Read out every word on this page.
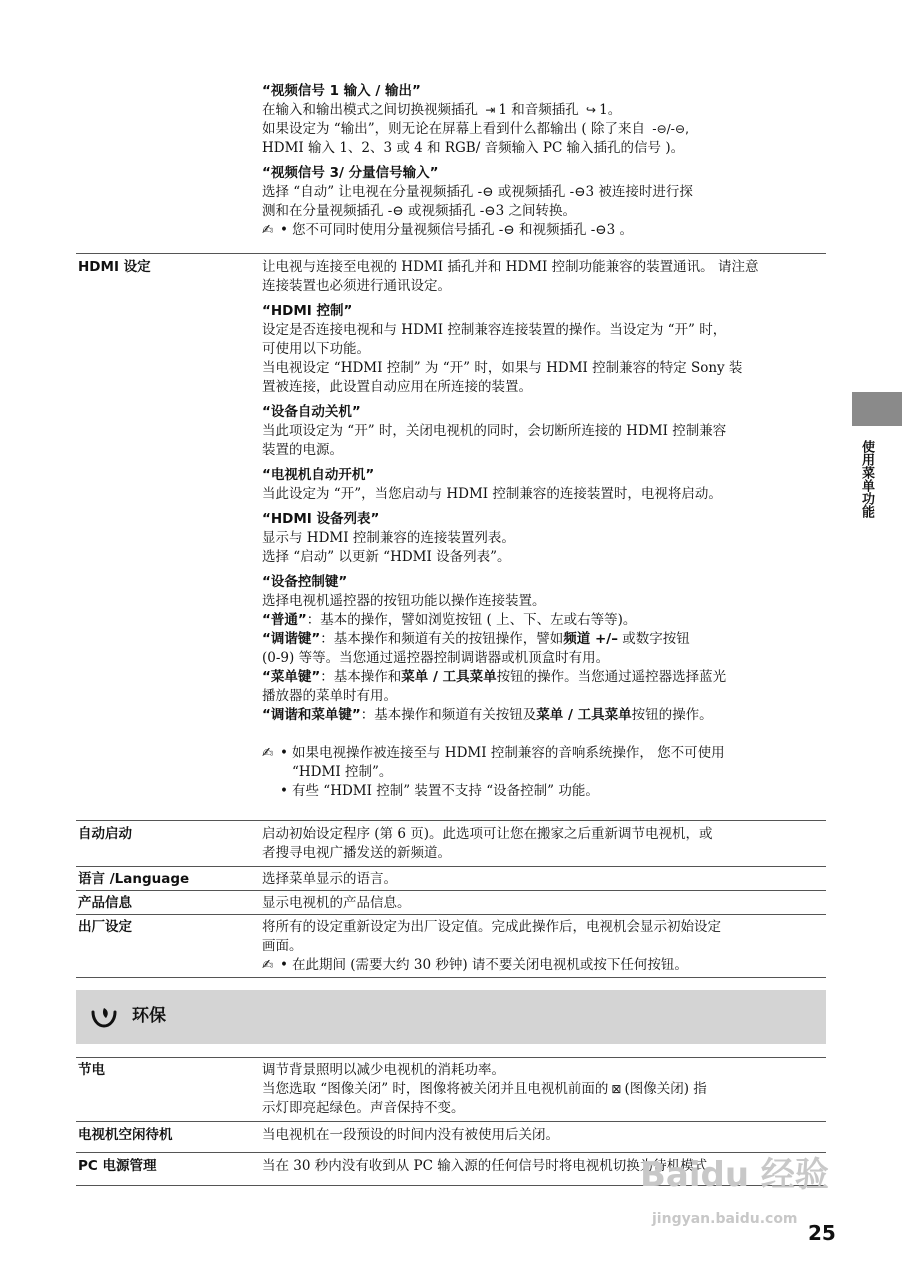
“视频信号 1 输入 / 输出”
在输入和输出模式之间切换视频插孔 ⇥ 1 和音频插孔 ↪ 1。
如果设定为 “输出”，则无论在屏幕上看到什么都输出 ( 除了来自 -⊖/-⊖,
HDMI 输入 1、2、3 或 4 和 RGB/ 音频输入 PC 输入插孔的信号 )。
“视频信号 3/ 分量信号输入”
选择 “自动” 让电视在分量视频插孔 -⊖ 或视频插孔 -⊖3 被连接时进行探
测和在分量视频插孔 -⊖ 或视频插孔 -⊖3 之间转换。
✍ • 您不可同时使用分量视频信号插孔 -⊖ 和视频插孔 -⊖3 。
HDMI 设定	让电视与连接至电视的 HDMI 插孔并和 HDMI 控制功能兼容的装置通讯。 请注意
连接装置也必须进行通讯设定。
“HDMI 控制”
设定是否连接电视和与 HDMI 控制兼容连接装置的操作。当设定为 “开” 时，
可使用以下功能。
当电视设定 “HDMI 控制” 为 “开” 时，如果与 HDMI 控制兼容的特定 Sony 装
置被连接，此设置自动应用在所连接的装置。
“设备自动关机”
当此项设定为 “开” 时，关闭电视机的同时，会切断所连接的 HDMI 控制兼容
装置的电源。
“电视机自动开机”
当此设定为 “开”，当您启动与 HDMI 控制兼容的连接装置时，电视将启动。
“HDMI 设备列表”
显示与 HDMI 控制兼容的连接装置列表。
选择 “启动” 以更新 “HDMI 设备列表”。
“设备控制键”
选择电视机遥控器的按钮功能以操作连接装置。
“普通”：基本的操作，譬如浏览按钮 ( 上、下、左或右等等)。
“调谐键”：基本操作和频道有关的按钮操作，譬如频道 +/– 或数字按钮
(0-9) 等等。当您通过遥控器控制调谐器或机顶盒时有用。
“菜单键”：基本操作和菜单 / 工具菜单按钮的操作。当您通过遥控器选择蓝光
播放器的菜单时有用。
“调谐和菜单键”：基本操作和频道有关按钮及菜单 / 工具菜单按钮的操作。
✍ • 如果电视操作被连接至与 HDMI 控制兼容的音响系统操作， 您不可使用
“HDMI 控制”。
• 有些 “HDMI 控制” 装置不支持 “设备控制” 功能。
自动启动	启动初始设定程序 (第 6 页)。此选项可让您在搬家之后重新调节电视机，或
者搜寻电视广播发送的新频道。
语言 /Language	选择菜单显示的语言。
产品信息	显示电视机的产品信息。
出厂设定	将所有的设定重新设定为出厂设定值。完成此操作后，电视机会显示初始设定
画面。
✍ • 在此期间 (需要大约 30 秒钟) 请不要关闭电视机或按下任何按钮。
环保
节电	调节背景照明以减少电视机的消耗功率。
当您选取 “图像关闭” 时，图像将被关闭并且电视机前面的 ⊠ (图像关闭) 指
示灯即亮起绿色。声音保持不变。
电视机空闲待机	当电视机在一段预设的时间内没有被使用后关闭。
PC 电源管理	当在 30 秒内没有收到从 PC 输入源的任何信号时将电视机切换为待机模式。
使用菜单功能
Baidu 经验
jingyan.baidu.com
25
